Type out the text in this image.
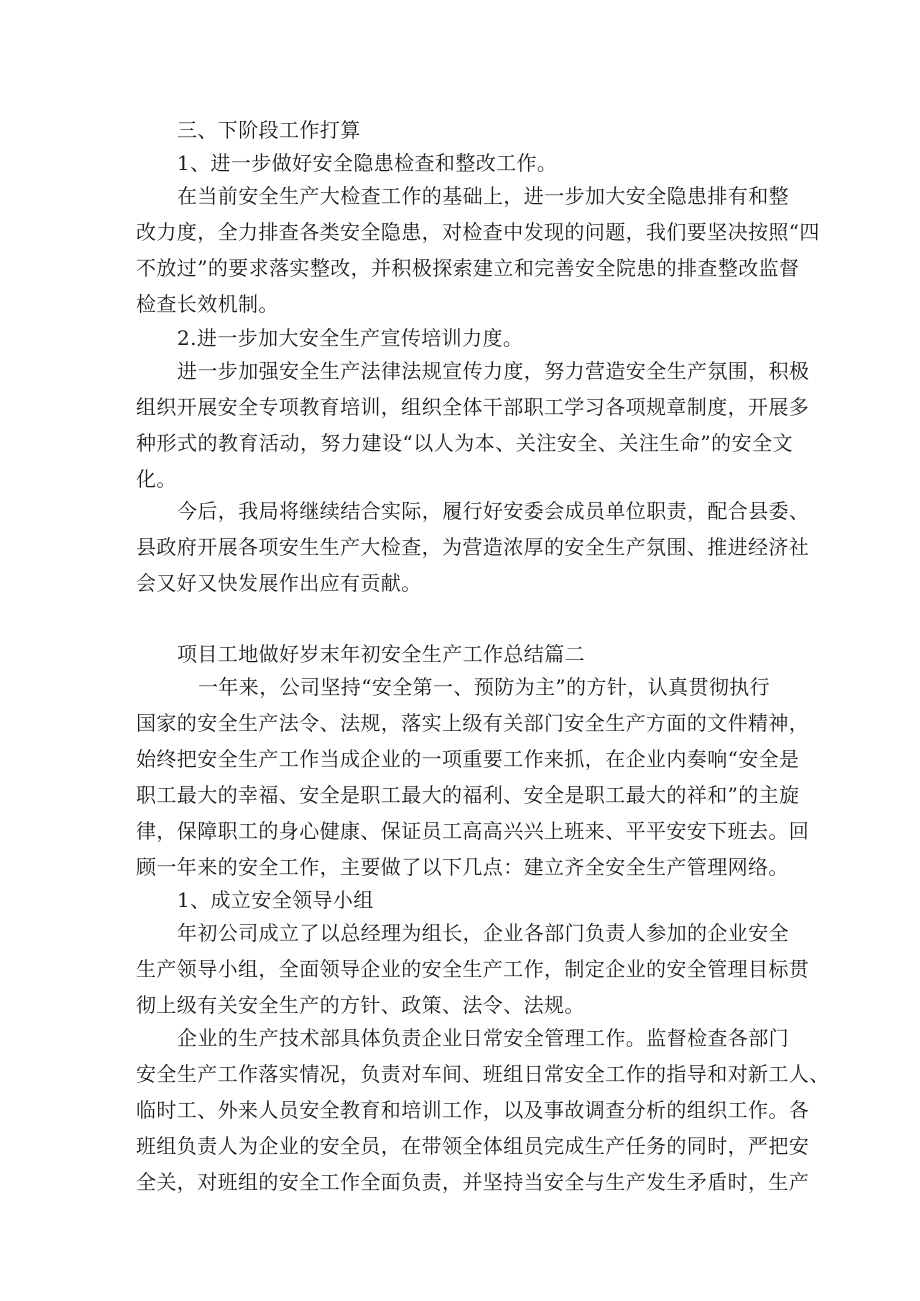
三、下阶段工作打算
1、进一步做好安全隐患检查和整改工作。
在当前安全生产大检查工作的基础上，进一步加大安全隐患排有和整
改力度，全力排查各类安全隐患，对检查中发现的问题，我们要坚决按照“四
不放过”的要求落实整改，并积极探索建立和完善安全院患的排查整改监督
检查长效机制。
2.进一步加大安全生产宣传培训力度。
进一步加强安全生产法律法规宣传力度，努力营造安全生产氛围，积极
组织开展安全专项教育培训，组织全体干部职工学习各项规章制度，开展多
种形式的教育活动，努力建设“以人为本、关注安全、关注生命”的安全文
化。
今后，我局将继续结合实际，履行好安委会成员单位职责，配合县委、
县政府开展各项安生生产大检查，为营造浓厚的安全生产氛围、推进经济社
会又好又快发展作出应有贡献。
项目工地做好岁末年初安全生产工作总结篇二
一年来，公司坚持“安全第一、预防为主”的方针，认真贯彻执行
国家的安全生产法令、法规，落实上级有关部门安全生产方面的文件精神，
始终把安全生产工作当成企业的一项重要工作来抓，在企业内奏响“安全是
职工最大的幸福、安全是职工最大的福利、安全是职工最大的祥和”的主旋
律，保障职工的身心健康、保证员工高高兴兴上班来、平平安安下班去。回
顾一年来的安全工作，主要做了以下几点：建立齐全安全生产管理网络。
1、成立安全领导小组
年初公司成立了以总经理为组长，企业各部门负责人参加的企业安全
生产领导小组，全面领导企业的安全生产工作，制定企业的安全管理目标贯
彻上级有关安全生产的方针、政策、法令、法规。
企业的生产技术部具体负责企业日常安全管理工作。监督检查各部门
安全生产工作落实情况，负责对车间、班组日常安全工作的指导和对新工人、
临时工、外来人员安全教育和培训工作，以及事故调查分析的组织工作。各
班组负责人为企业的安全员，在带领全体组员完成生产任务的同时，严把安
全关，对班组的安全工作全面负责，并坚持当安全与生产发生矛盾时，生产
